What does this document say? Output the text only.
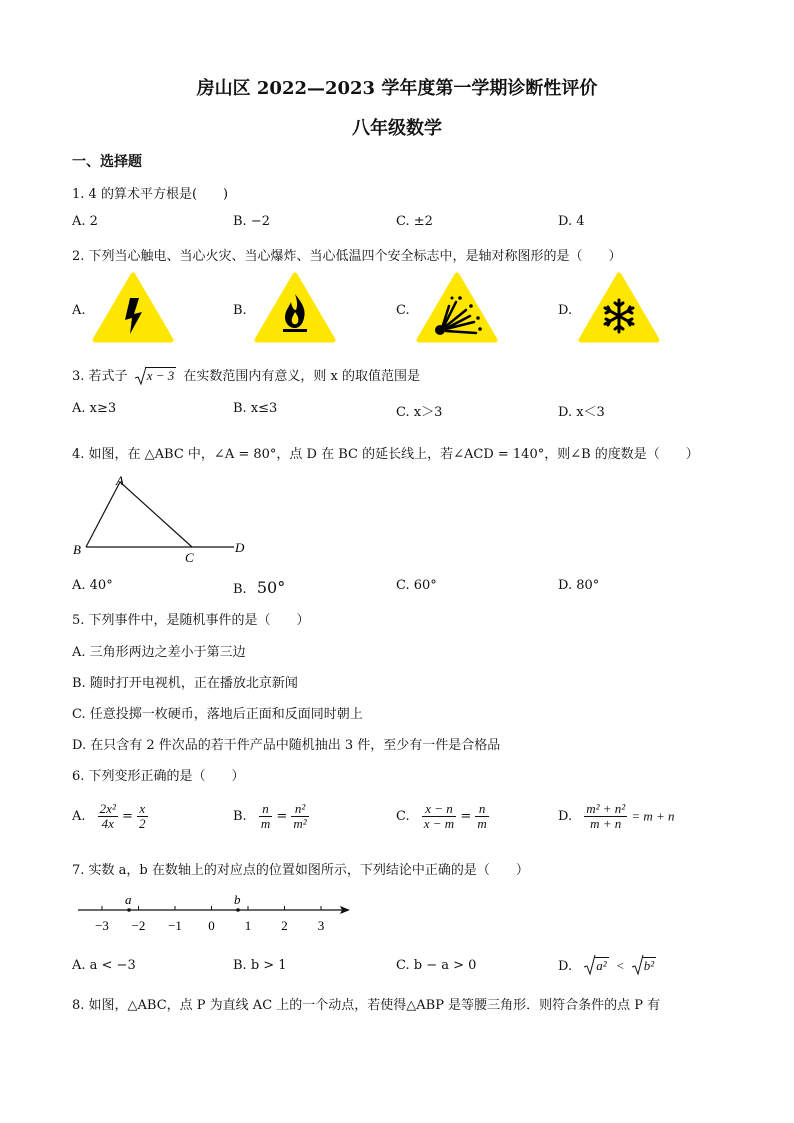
房山区 2022—2023 学年度第一学期诊断性评价
八年级数学
一、选择题
1. 4 的算术平方根是(　　)
A. 2	B. −2	C. ±2	D. 4
2. 下列当心触电、当心火灾、当心爆炸、当心低温四个安全标志中，是轴对称图形的是（　　）
A.	B.	C.	D.
3. 若式子 x − 3 在实数范围内有意义，则 x 的取值范围是
A. x≥3	B. x≤3	C. x＞3	D. x＜3
4. 如图，在 △ABC 中，∠A = 80°，点 D 在 BC 的延长线上，若∠ACD = 140°，则∠B 的度数是（　　）
A
B
C
D
A. 40°	B. 50°	C. 60°	D. 80°
5. 下列事件中，是随机事件的是（　　）
A. 三角形两边之差小于第三边
B. 随时打开电视机，正在播放北京新闻
C. 任意投掷一枚硬币，落地后正面和反面同时朝上
D. 在只含有 2 件次品的若干件产品中随机抽出 3 件，至少有一件是合格品
6. 下列变形正确的是（　　）
A. $\frac{\text{2x²}}{4x} = \frac{x}{2}$	B. $\frac{n}{m} = \frac{\text{n²}}{\text{m²}}$	C. $\frac{x - n}{x - m} = \frac{n}{m}$	D. $\frac{\text{m² + n²}}{m + n} = m + n$
7. 实数 a，b 在数轴上的对应点的位置如图所示，下列结论中正确的是（　　）
−3 −2 −1 0 1 2 3
a	b
A. a < −3	B. b > 1	C. b − a > 0	D. a² < b²
8. 如图，△ABC，点 P 为直线 AC 上的一个动点，若使得△ABP 是等腰三角形．则符合条件的点 P 有
